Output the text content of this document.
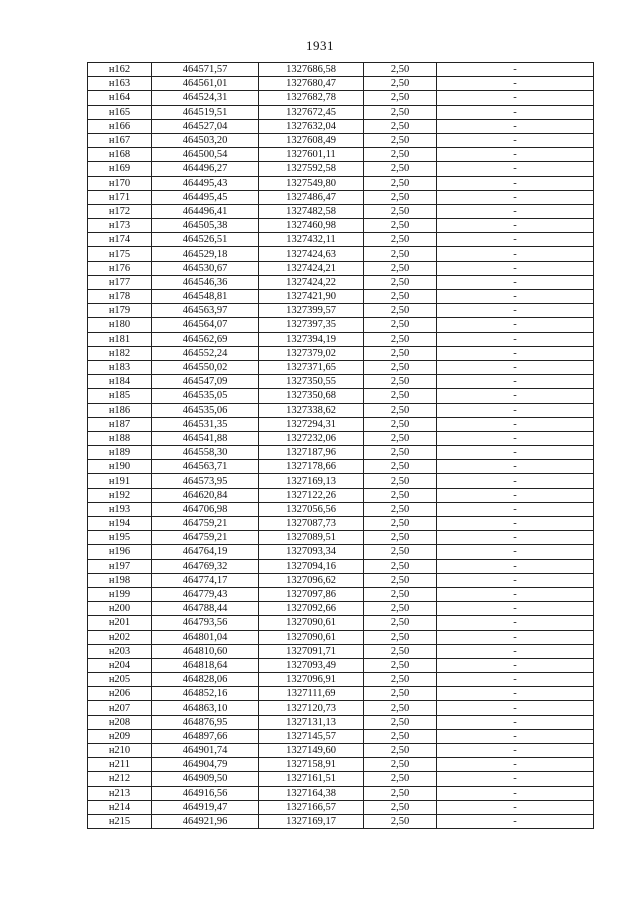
1931
н162	464571,57	1327686,58	2,50	-
н163	464561,01	1327680,47	2,50	-
н164	464524,31	1327682,78	2,50	-
н165	464519,51	1327672,45	2,50	-
н166	464527,04	1327632,04	2,50	-
н167	464503,20	1327608,49	2,50	-
н168	464500,54	1327601,11	2,50	-
н169	464496,27	1327592,58	2,50	-
н170	464495,43	1327549,80	2,50	-
н171	464495,45	1327486,47	2,50	-
н172	464496,41	1327482,58	2,50	-
н173	464505,38	1327460,98	2,50	-
н174	464526,51	1327432,11	2,50	-
н175	464529,18	1327424,63	2,50	-
н176	464530,67	1327424,21	2,50	-
н177	464546,36	1327424,22	2,50	-
н178	464548,81	1327421,90	2,50	-
н179	464563,97	1327399,57	2,50	-
н180	464564,07	1327397,35	2,50	-
н181	464562,69	1327394,19	2,50	-
н182	464552,24	1327379,02	2,50	-
н183	464550,02	1327371,65	2,50	-
н184	464547,09	1327350,55	2,50	-
н185	464535,05	1327350,68	2,50	-
н186	464535,06	1327338,62	2,50	-
н187	464531,35	1327294,31	2,50	-
н188	464541,88	1327232,06	2,50	-
н189	464558,30	1327187,96	2,50	-
н190	464563,71	1327178,66	2,50	-
н191	464573,95	1327169,13	2,50	-
н192	464620,84	1327122,26	2,50	-
н193	464706,98	1327056,56	2,50	-
н194	464759,21	1327087,73	2,50	-
н195	464759,21	1327089,51	2,50	-
н196	464764,19	1327093,34	2,50	-
н197	464769,32	1327094,16	2,50	-
н198	464774,17	1327096,62	2,50	-
н199	464779,43	1327097,86	2,50	-
н200	464788,44	1327092,66	2,50	-
н201	464793,56	1327090,61	2,50	-
н202	464801,04	1327090,61	2,50	-
н203	464810,60	1327091,71	2,50	-
н204	464818,64	1327093,49	2,50	-
н205	464828,06	1327096,91	2,50	-
н206	464852,16	1327111,69	2,50	-
н207	464863,10	1327120,73	2,50	-
н208	464876,95	1327131,13	2,50	-
н209	464897,66	1327145,57	2,50	-
н210	464901,74	1327149,60	2,50	-
н211	464904,79	1327158,91	2,50	-
н212	464909,50	1327161,51	2,50	-
н213	464916,56	1327164,38	2,50	-
н214	464919,47	1327166,57	2,50	-
н215	464921,96	1327169,17	2,50	-
